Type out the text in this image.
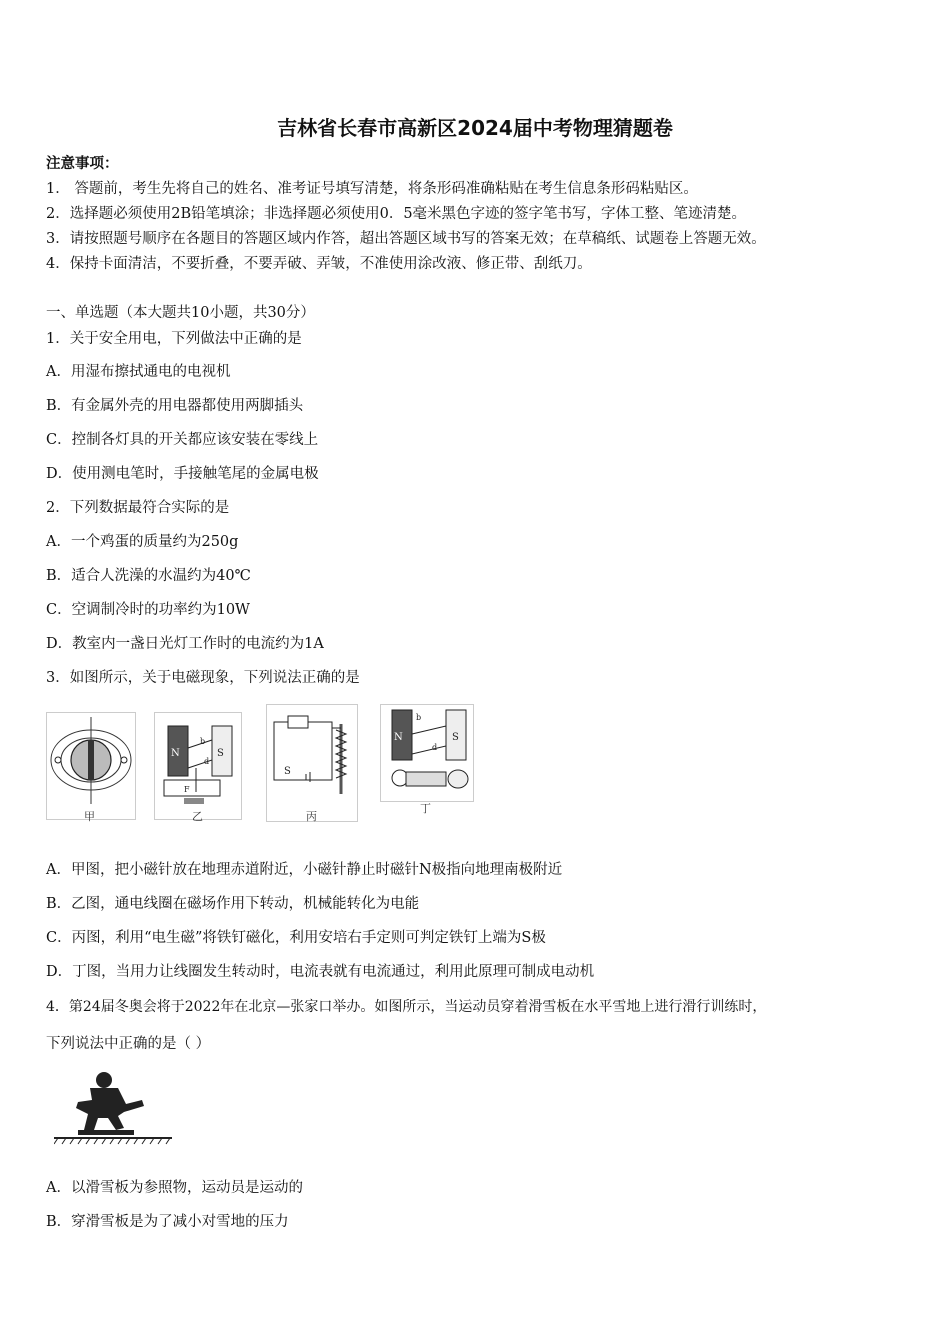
吉林省长春市高新区2024届中考物理猜题卷
注意事项：
1． 答题前，考生先将自己的姓名、准考证号填写清楚，将条形码准确粘贴在考生信息条形码粘贴区。
2．选择题必须使用2B铅笔填涂；非选择题必须使用0．5毫米黑色字迹的签字笔书写，字体工整、笔迹清楚。
3．请按照题号顺序在各题目的答题区域内作答，超出答题区域书写的答案无效；在草稿纸、试题卷上答题无效。
4．保持卡面清洁，不要折叠，不要弄破、弄皱，不准使用涂改液、修正带、刮纸刀。
一、单选题（本大题共10小题，共30分）
1．关于安全用电，下列做法中正确的是
A．用湿布擦拭通电的电视机
B．有金属外壳的用电器都使用两脚插头
C．控制各灯具的开关都应该安装在零线上
D．使用测电笔时，手接触笔尾的金属电极
2．下列数据最符合实际的是
A．一个鸡蛋的质量约为250g
B．适合人洗澡的水温约为40℃
C．空调制冷时的功率约为10W
D．教室内一盏日光灯工作时的电流约为1A
3．如图所示，关于电磁现象，下列说法正确的是
甲
N	S
b
d
F
乙
S
丙
N	S
b
d
丁
A．甲图，把小磁针放在地理赤道附近，小磁针静止时磁针N极指向地理南极附近
B．乙图，通电线圈在磁场作用下转动，机械能转化为电能
C．丙图，利用“电生磁”将铁钉磁化，利用安培右手定则可判定铁钉上端为S极
D．丁图，当用力让线圈发生转动时，电流表就有电流通过，利用此原理可制成电动机
4．第24届冬奥会将于2022年在北京—张家口举办。如图所示，当运动员穿着滑雪板在水平雪地上进行滑行训练时，
下列说法中正确的是（ ）
A．以滑雪板为参照物，运动员是运动的
B．穿滑雪板是为了减小对雪地的压力
